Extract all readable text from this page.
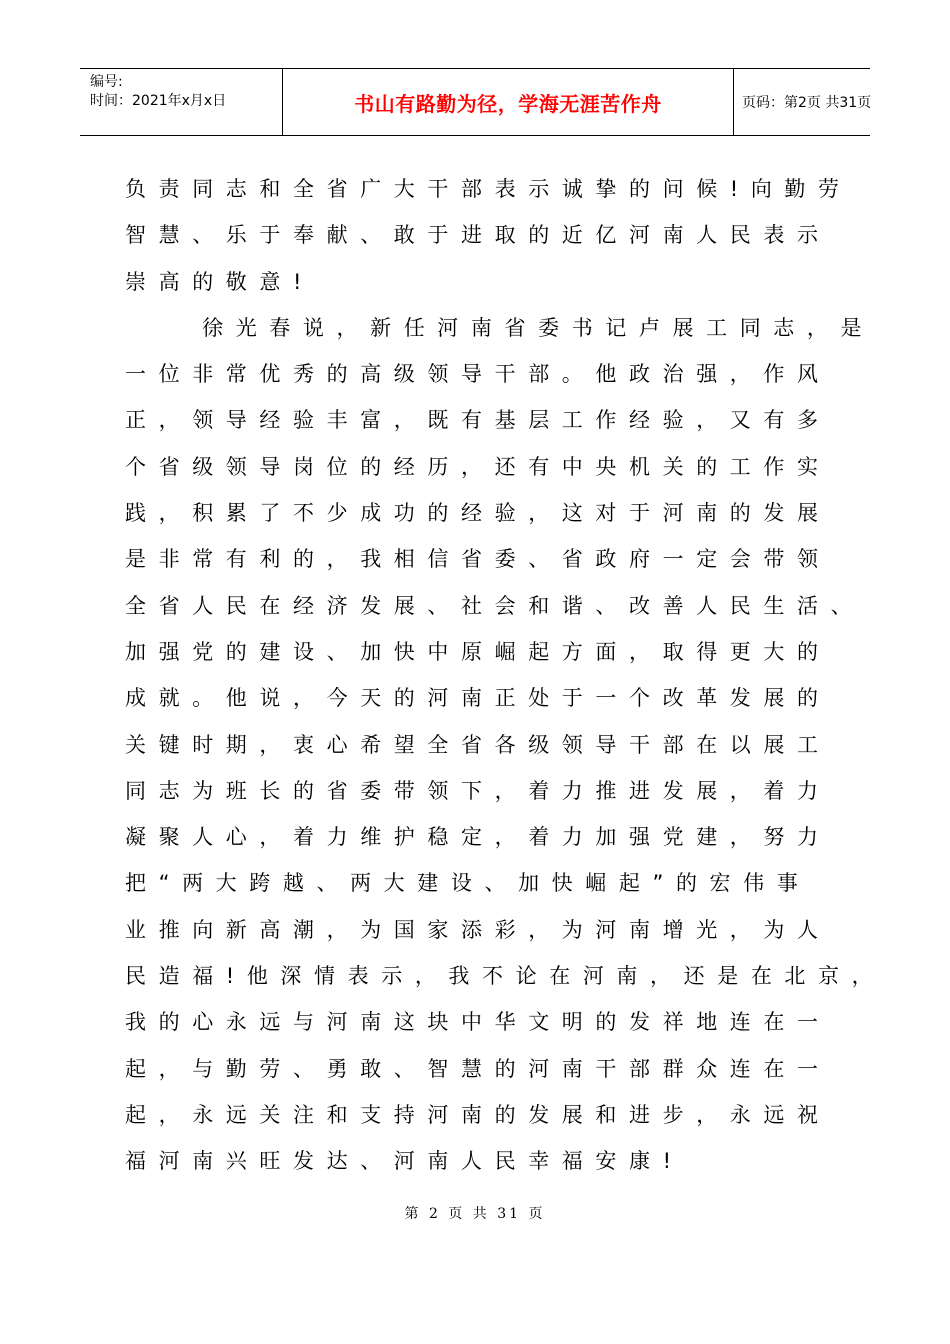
编号:
时间：2021年x月x日	书山有路勤为径，学海无涯苦作舟	页码：第2页 共31页
负责同志和全省广大干部表示诚挚的问候!向勤劳
智慧、乐于奉献、敢于进取的近亿河南人民表示
崇高的敬意!
徐光春说，新任河南省委书记卢展工同志，是
一位非常优秀的高级领导干部。他政治强，作风
正，领导经验丰富，既有基层工作经验，又有多
个省级领导岗位的经历，还有中央机关的工作实
践，积累了不少成功的经验，这对于河南的发展
是非常有利的，我相信省委、省政府一定会带领
全省人民在经济发展、社会和谐、改善人民生活、
加强党的建设、加快中原崛起方面，取得更大的
成就。他说，今天的河南正处于一个改革发展的
关键时期，衷心希望全省各级领导干部在以展工
同志为班长的省委带领下，着力推进发展，着力
凝聚人心，着力维护稳定，着力加强党建，努力
把“两大跨越、两大建设、加快崛起”的宏伟事
业推向新高潮，为国家添彩，为河南增光，为人
民造福!他深情表示，我不论在河南，还是在北京，
我的心永远与河南这块中华文明的发祥地连在一
起，与勤劳、勇敢、智慧的河南干部群众连在一
起，永远关注和支持河南的发展和进步，永远祝
福河南兴旺发达、河南人民幸福安康!
第 2 页 共 31 页
